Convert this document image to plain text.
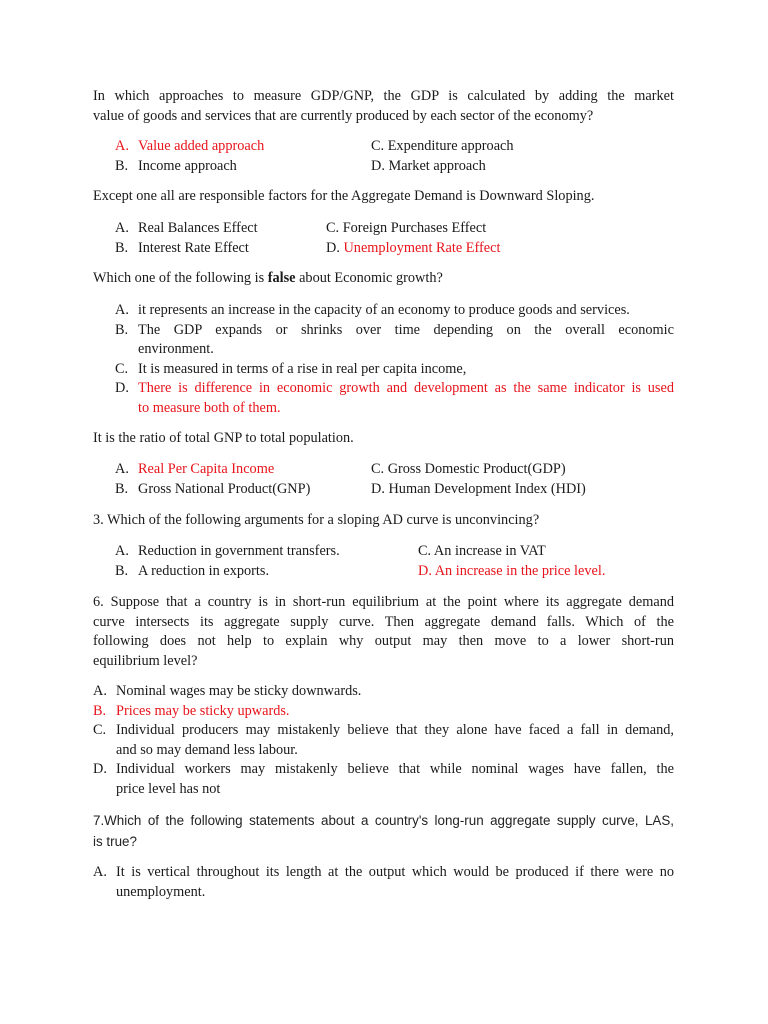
In which approaches to measure GDP/GNP, the GDP is calculated by adding the market

value of goods and services that are currently produced by each sector of the economy?

A. Value added approach	C. Expenditure approach
B. Income approach	D. Market approach

Except one all are responsible factors for the Aggregate Demand is Downward Sloping.

A. Real Balances Effect	C. Foreign Purchases Effect
B. Interest Rate Effect	D. Unemployment Rate Effect

Which one of the following is false about Economic growth?

A. it represents an increase in the capacity of an economy to produce goods and services.
B. The GDP expands or shrinks over time depending on the overall economic
environment.
C. It is measured in terms of a rise in real per capita income,
D. There is difference in economic growth and development as the same indicator is used
to measure both of them.

It is the ratio of total GNP to total population.

A. Real Per Capita Income	C. Gross Domestic Product(GDP)
B. Gross National Product(GNP)	D. Human Development Index (HDI)

3. Which of the following arguments for a sloping AD curve is unconvincing?

A. Reduction in government transfers.	C. An increase in VAT
B. A reduction in exports.	D. An increase in the price level.

6. Suppose that a country is in short-run equilibrium at the point where its aggregate demand

curve intersects its aggregate supply curve. Then aggregate demand falls. Which of the

following does not help to explain why output may then move to a lower short-run

equilibrium level?

A. Nominal wages may be sticky downwards.
B. Prices may be sticky upwards.
C. Individual producers may mistakenly believe that they alone have faced a fall in demand,
and so may demand less labour.
D. Individual workers may mistakenly believe that while nominal wages have fallen, the
price level has not

7.Which of the following statements about a country's long-run aggregate supply curve, LAS,

is true?

A. It is vertical throughout its length at the output which would be produced if there were no
unemployment.
